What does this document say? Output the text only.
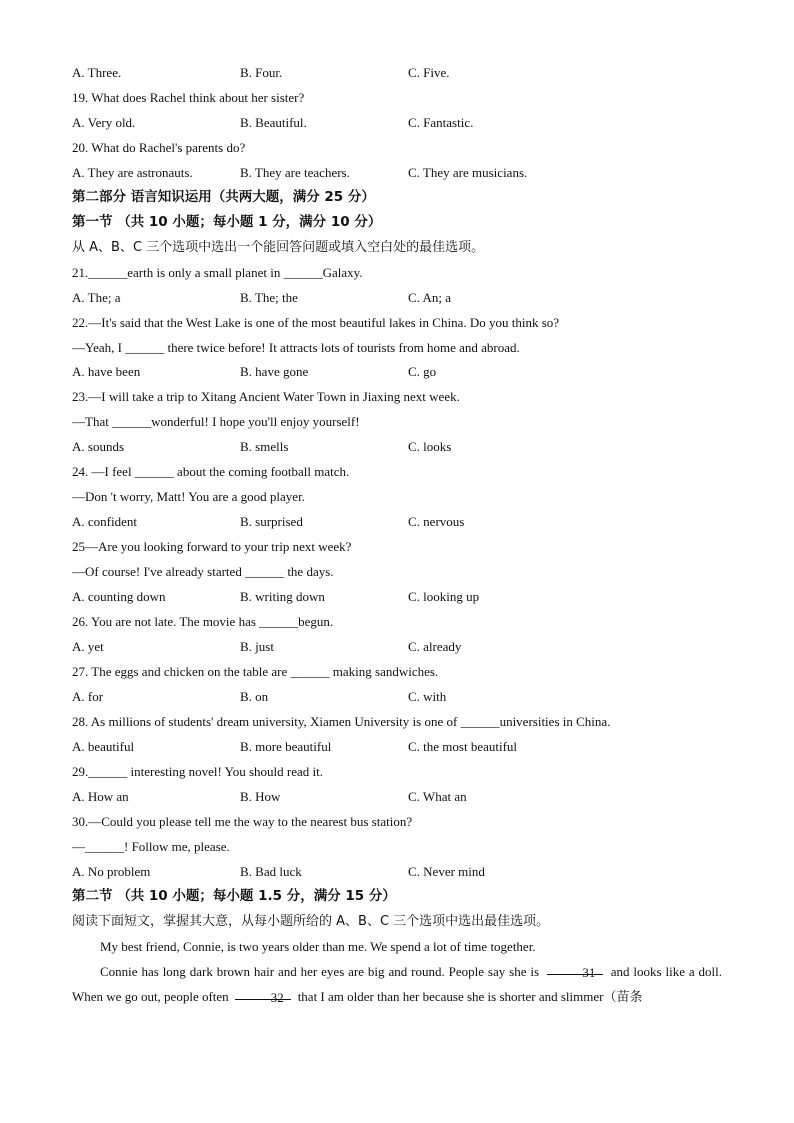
A. Three.	B. Four.	C. Five.
19. What does Rachel think about her sister?
A. Very old.	B. Beautiful.	C. Fantastic.
20. What do Rachel's parents do?
A. They are astronauts.	B. They are teachers.	C. They are musicians.
第二部分 语言知识运用（共两大题，满分 25 分）
第一节 （共 10 小题；每小题 1 分，满分 10 分）
从 A、B、C 三个选项中选出一个能回答问题或填入空白处的最佳选项。
21.______earth is only a small planet in ______Galaxy.
A. The; a	B. The; the	C. An; a
22.—It's said that the West Lake is one of the most beautiful lakes in China. Do you think so?
—Yeah, I ______ there twice before! It attracts lots of tourists from home and abroad.
A. have been	B. have gone	C. go
23.—I will take a trip to Xitang Ancient Water Town in Jiaxing next week.
—That ______wonderful! I hope you'll enjoy yourself!
A. sounds	B. smells	C. looks
24. —I feel ______ about the coming football match.
—Don 't worry, Matt! You are a good player.
A. confident	B. surprised	C. nervous
25—Are you looking forward to your trip next week?
—Of course! I've already started ______ the days.
A. counting down	B. writing down	C. looking up
26. You are not late. The movie has ______begun.
A. yet	B. just	C. already
27. The eggs and chicken on the table are ______ making sandwiches.
A. for	B. on	C. with
28. As millions of students' dream university, Xiamen University is one of ______universities in China.
A. beautiful	B. more beautiful	C. the most beautiful
29.______ interesting novel! You should read it.
A. How an	B. How	C. What an
30.—Could you please tell me the way to the nearest bus station?
—______! Follow me, please.
A. No problem	B. Bad luck	C. Never mind
第二节 （共 10 小题；每小题 1.5 分，满分 15 分）
阅读下面短文，掌握其大意，从每小题所给的 A、B、C 三个选项中选出最佳选项。

My best friend, Connie, is two years older than me. We spend a lot of time together.

Connie has long dark brown hair and her eyes are big and round. People say she is	31 and looks like a doll. When we go out, people often	32 that I am older than her because she is shorter and slimmer（苗条
